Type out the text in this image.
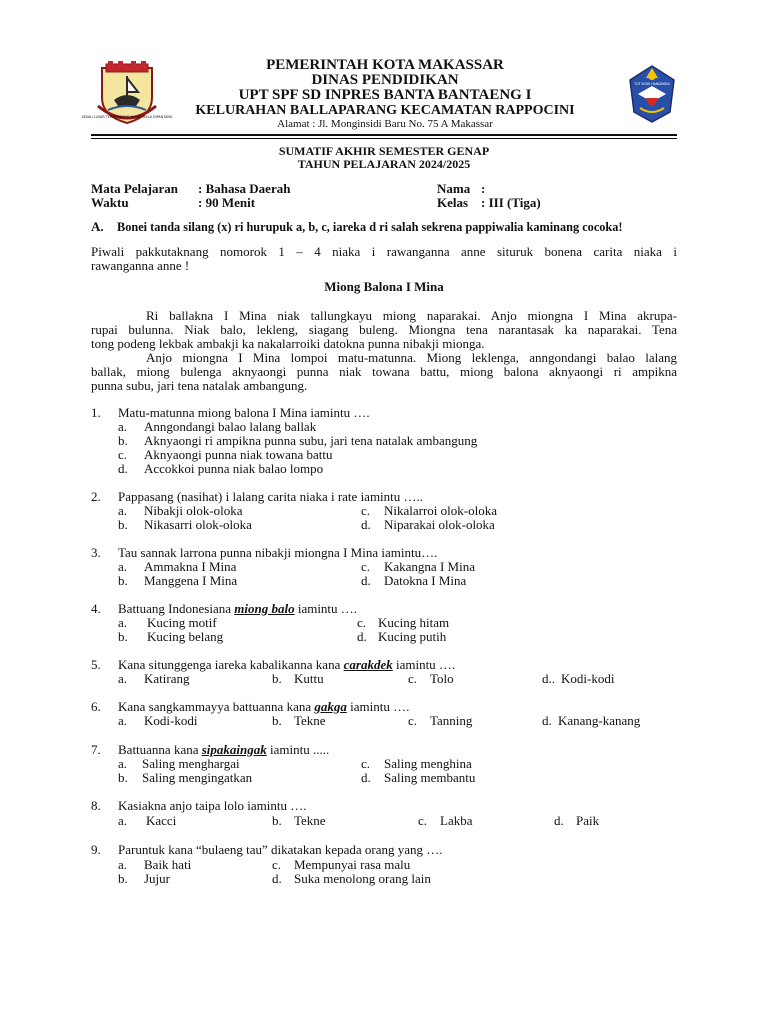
SEKALI LAYAR TERKEMBANG SURUT BELA DIPANTANG
TUT WURI HANDAYANI
PEMERINTAH KOTA MAKASSAR
DINAS PENDIDIKAN
UPT SPF SD INPRES BANTA BANTAENG I
KELURAHAN BALLAPARANG KECAMATAN RAPPOCINI
Alamat : Jl. Monginsidi Baru No. 75 A Makassar
SUMATIF AKHIR SEMESTER GENAP
TAHUN PELAJARAN 2024/2025
Mata Pelajaran : Bahasa Daerah
Waktu	: 90 Menit
Nama :
Kelas : III (Tiga)
A. Bonei tanda silang (x) ri hurupuk a, b, c, iareka d ri salah sekrena pappiwalia kaminang cocoka!
Piwali pakkutaknang nomorok 1 – 4 niaka i rawanganna anne situruk bonena carita niaka i
rawanganna anne !
Miong Balona I Mina
Ri ballakna I Mina niak tallungkayu miong naparakai. Anjo miongna I Mina akrupa-
rupai bulunna. Niak balo, lekleng, siagang buleng. Miongna tena narantasak ka naparakai. Tena
tong podeng lekbak ambakji ka nakalarroiki datokna punna nibakji mionga.
Anjo miongna I Mina lompoi matu-matunna. Miong leklenga, anngondangi balao lalang
ballak, miong bulenga aknyaongi punna niak towana battu, miong balona aknyaongi ri ampikna
punna subu, jari tena natalak ambangung.
1. Matu-matunna miong balona I Mina iamintu ….
a. Anngondangi balao lalang ballak
b. Aknyaongi ri ampikna punna subu, jari tena natalak ambangung
c. Aknyaongi punna niak towana battu
d. Accokkoi punna niak balao lompo
2. Pappasang (nasihat) i lalang carita niaka i rate iamintu …..
a. Nibakji olok-oloka	c. Nikalarroi olok-oloka
b. Nikasarri olok-oloka	d. Niparakai olok-oloka
3. Tau sannak larrona punna nibakji miongna I Mina iamintu….
a. Ammakna I Mina	c. Kakangna I Mina
b. Manggena I Mina	d. Datokna I Mina
4. Battuang Indonesiana miong balo iamintu ….
a. Kucing motif	c. Kucing hitam
b. Kucing belang	d. Kucing putih
5. Kana situnggenga iareka kabalikanna kana carakdek iamintu ….
a. Katirang	b. Kuttu	c. Tolo	d.. Kodi-kodi
6. Kana sangkammayya battuanna kana gakga iamintu ….
a. Kodi-kodi	b. Tekne	c. Tanning	d. Kanang-kanang
7. Battuanna kana sipakaingak iamintu .....
a. Saling menghargai	c. Saling menghina
b. Saling mengingatkan	d. Saling membantu
8. Kasiakna anjo taipa lolo iamintu ….
a. Kacci	b. Tekne	c. Lakba	d. Paik
9. Paruntuk kana “bulaeng tau” dikatakan kepada orang yang ….
a. Baik hati	c. Mempunyai rasa malu
b. Jujur	d. Suka menolong orang lain
